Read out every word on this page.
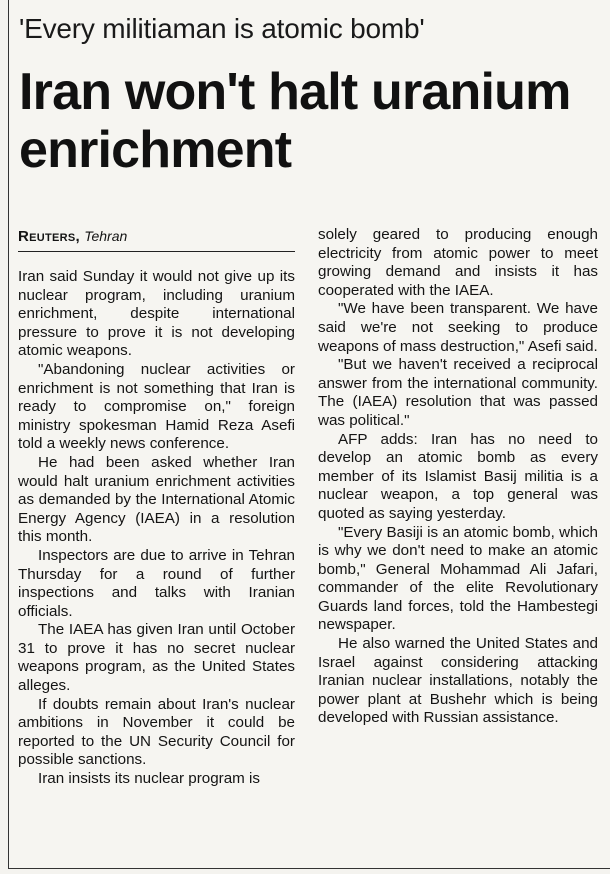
'Every militiaman is atomic bomb'
Iran won't halt uranium enrichment
Reuters, Tehran

Iran said Sunday it would not give up its nuclear program, including uranium enrichment, despite international pressure to prove it is not developing atomic weapons.

"Abandoning nuclear activities or enrichment is not something that Iran is ready to compromise on," foreign ministry spokesman Hamid Reza Asefi told a weekly news conference.

He had been asked whether Iran would halt uranium enrichment activities as demanded by the International Atomic Energy Agency (IAEA) in a resolution this month.

Inspectors are due to arrive in Tehran Thursday for a round of further inspections and talks with Iranian officials.

The IAEA has given Iran until October 31 to prove it has no secret nuclear weapons program, as the United States alleges.

If doubts remain about Iran's nuclear ambitions in November it could be reported to the UN Security Council for possible sanctions.

Iran insists its nuclear program is

solely geared to producing enough electricity from atomic power to meet growing demand and insists it has cooperated with the IAEA.

"We have been transparent. We have said we're not seeking to produce weapons of mass destruction," Asefi said.

"But we haven't received a reciprocal answer from the international community. The (IAEA) resolution that was passed was political."

AFP adds: Iran has no need to develop an atomic bomb as every member of its Islamist Basij militia is a nuclear weapon, a top general was quoted as saying yesterday.

"Every Basiji is an atomic bomb, which is why we don't need to make an atomic bomb," General Mohammad Ali Jafari, commander of the elite Revolutionary Guards land forces, told the Hambestegi newspaper.

He also warned the United States and Israel against considering attacking Iranian nuclear installations, notably the power plant at Bushehr which is being developed with Russian assistance.
